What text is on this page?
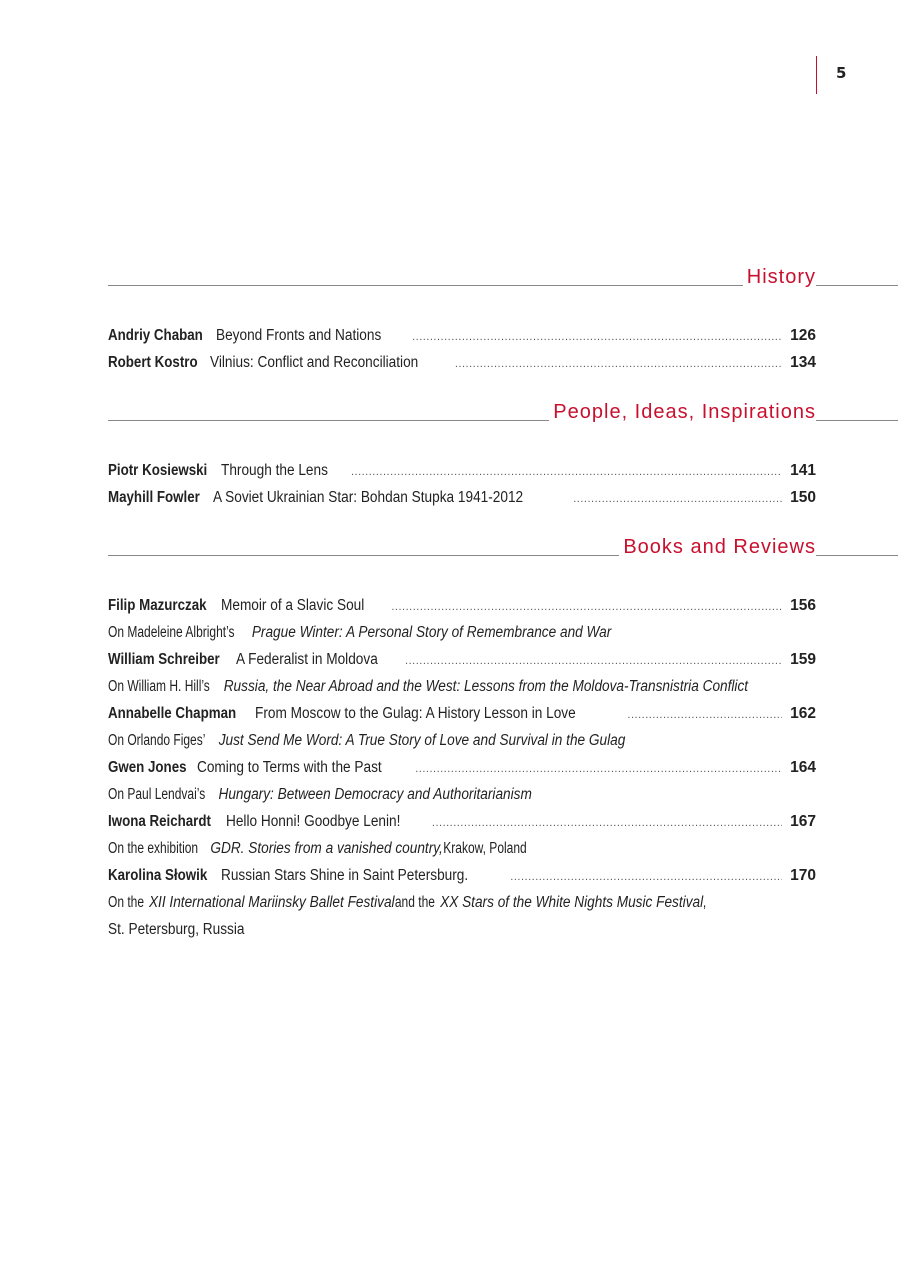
5
History
Andriy Chaban Beyond Fronts and Nations .....	126
Robert Kostro Vilnius: Conflict and Reconciliation .....	134
People, Ideas, Inspirations
Piotr Kosiewski Through the Lens .....	141
Mayhill Fowler A Soviet Ukrainian Star: Bohdan Stupka 1941-2012 .....	150
Books and Reviews
Filip Mazurczak Memoir of a Slavic Soul .....	156
On Madeleine Albright’sPrague Winter: A Personal Story of Remembrance and War
William Schreiber A Federalist in Moldova .....	159
On William H. Hill’sRussia, the Near Abroad and the West: Lessons from the Moldova-Transnistria Conflict
Annabelle Chapman From Moscow to the Gulag: A History Lesson in Love .....	162
On Orlando Figes’Just Send Me Word: A True Story of Love and Survival in the Gulag
Gwen Jones Coming to Terms with the Past .....	164
On Paul Lendvai’sHungary: Between Democracy and Authoritarianism
Iwona Reichardt Hello Honni! Goodbye Lenin! .....	167
On the exhibitionGDR. Stories from a vanished country,Krakow, Poland
Karolina Słowik Russian Stars Shine in Saint Petersburg. .....	170
On theXII International Mariinsky Ballet Festivaland theXX Stars of the White Nights Music Festival,
St. Petersburg, Russia
